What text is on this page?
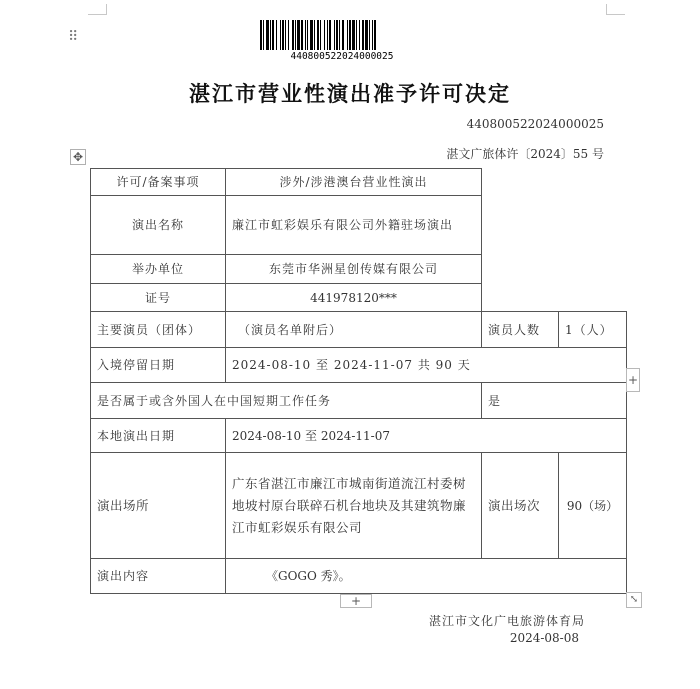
⠿
440800522024000025
湛江市营业性演出准予许可决定
440800522024000025
湛文广旅体许〔2024〕55 号
✥
许可/备案事项	涉外/涉港澳台营业性演出		
演出名称	廉江市虹彩娱乐有限公司外籍驻场演出		
举办单位	东莞市华洲星创传媒有限公司		
证号	441978120***		
主要演员（团体）	（演员名单附后）	演员人数	1（人）
入境停留日期	2024-08-10 至 2024-11-07 共 90 天		
是否属于或含外国人在中国短期工作任务		是	
本地演出日期	2024-08-10 至 2024-11-07		
演出场所	广东省湛江市廉江市城南街道流江村委树地坡村原台联碎石机台地块及其建筑物廉江市虹彩娱乐有限公司	演出场次	90（场）
演出内容	《GOGO 秀》。		
+
+	⤡
湛江市文化广电旅游体育局
2024-08-08
